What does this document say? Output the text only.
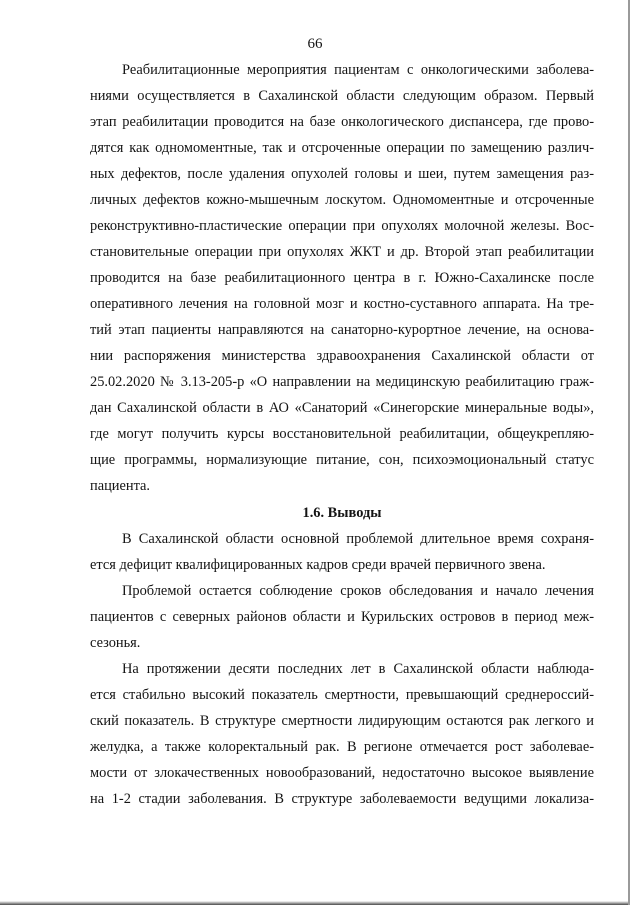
66
Реабилитационные мероприятия пациентам с онкологическими заболева-
ниями осуществляется в Сахалинской области следующим образом. Первый
этап реабилитации проводится на базе онкологического диспансера, где прово-
дятся как одномоментные, так и отсроченные операции по замещению различ-
ных дефектов, после удаления опухолей головы и шеи, путем замещения раз-
личных дефектов кожно-мышечным лоскутом. Одномоментные и отсроченные
реконструктивно-пластические операции при опухолях молочной железы. Вос-
становительные операции при опухолях ЖКТ и др. Второй этап реабилитации
проводится на базе реабилитационного центра в г. Южно-Сахалинске после
оперативного лечения на головной мозг и костно-суставного аппарата. На тре-
тий этап пациенты направляются на санаторно-курортное лечение, на основа-
нии распоряжения министерства здравоохранения Сахалинской области от
25.02.2020 № 3.13-205-р «О направлении на медицинскую реабилитацию граж-
дан Сахалинской области в АО «Санаторий «Синегорские минеральные воды»,
где могут получить курсы восстановительной реабилитации, общеукрепляю-
щие программы, нормализующие питание, сон, психоэмоциональный статус
пациента.
1.6. Выводы
В Сахалинской области основной проблемой длительное время сохраня-
ется дефицит квалифицированных кадров среди врачей первичного звена.
Проблемой остается соблюдение сроков обследования и начало лечения
пациентов с северных районов области и Курильских островов в период меж-
сезонья.
На протяжении десяти последних лет в Сахалинской области наблюда-
ется стабильно высокий показатель смертности, превышающий среднероссий-
ский показатель. В структуре смертности лидирующим остаются рак легкого и
желудка, а также колоректальный рак. В регионе отмечается рост заболевае-
мости от злокачественных новообразований, недостаточно высокое выявление
на 1-2 стадии заболевания. В структуре заболеваемости ведущими локализа-
